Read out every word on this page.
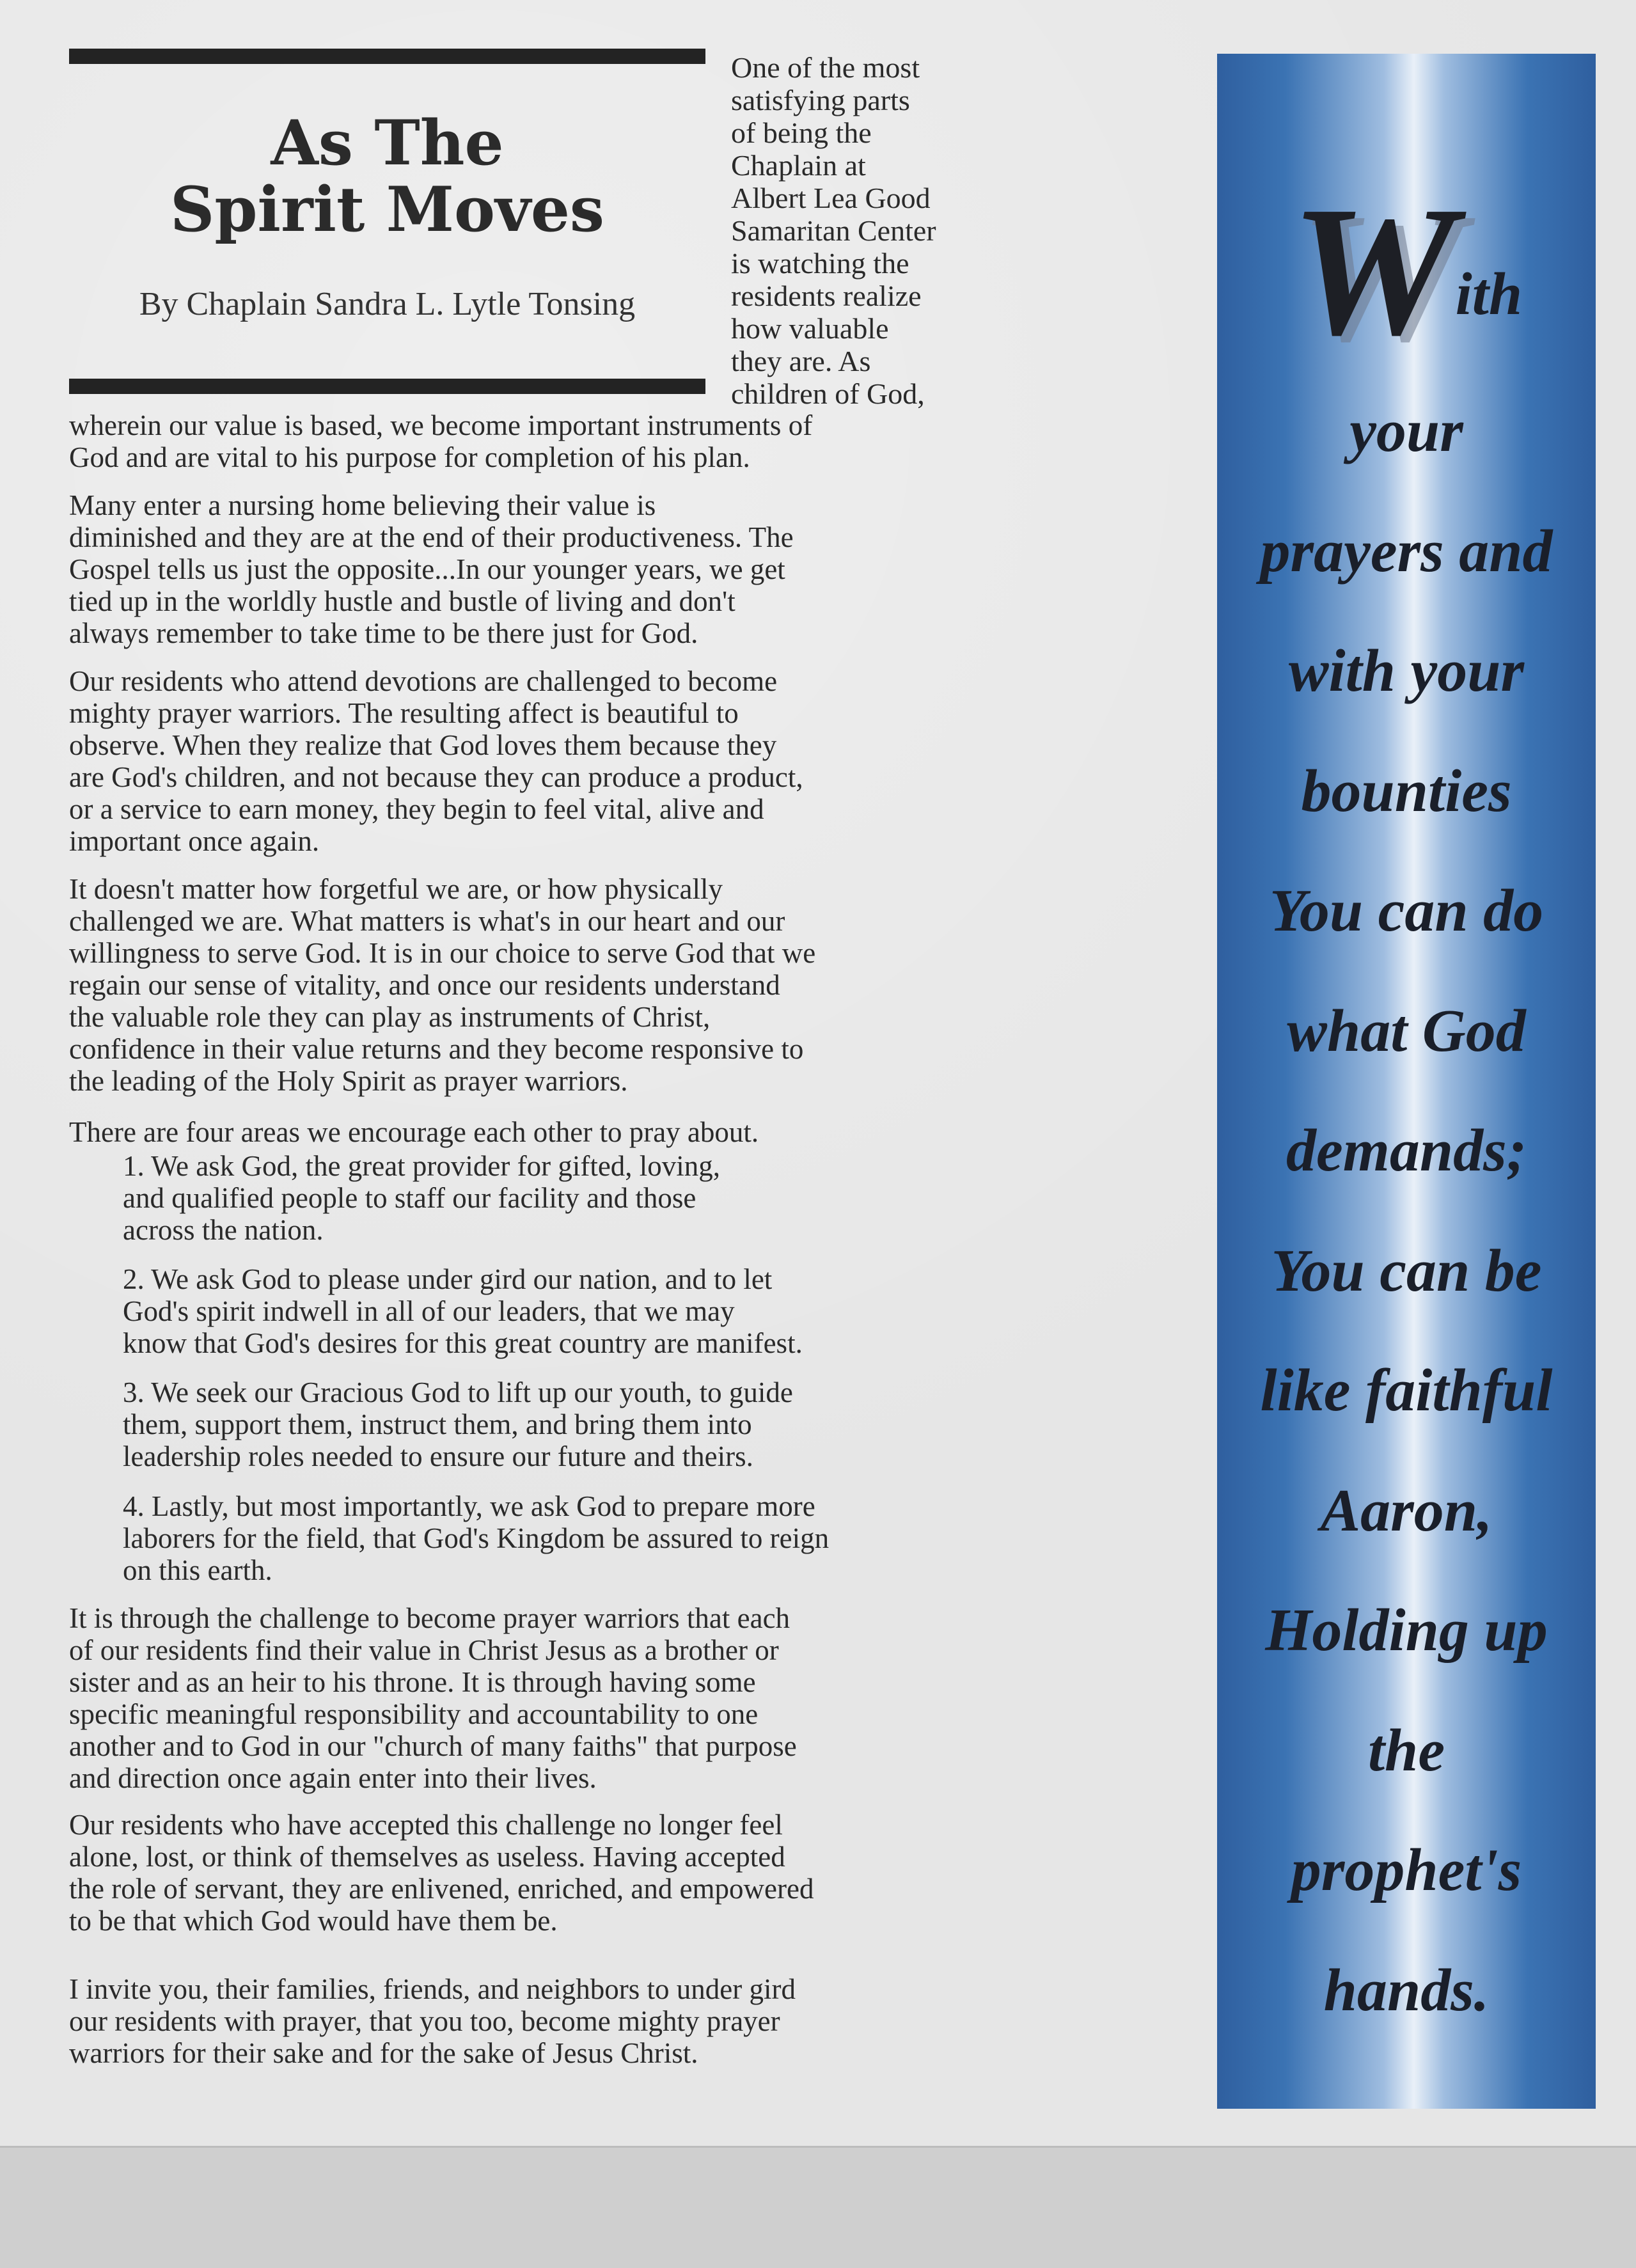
As The
Spirit Moves
By Chaplain Sandra L. Lytle Tonsing

One of the most
satisfying parts
of being the
Chaplain at
Albert Lea Good
Samaritan Center
is watching the
residents realize
how valuable
they are. As
children of God,

wherein our value is based, we become important instruments of
God and are vital to his purpose for completion of his plan.

Many enter a nursing home believing their value is
diminished and they are at the end of their productiveness. The
Gospel tells us just the opposite...In our younger years, we get
tied up in the worldly hustle and bustle of living and don't
always remember to take time to be there just for God.

Our residents who attend devotions are challenged to become
mighty prayer warriors. The resulting affect is beautiful to
observe. When they realize that God loves them because they
are God's children, and not because they can produce a product,
or a service to earn money, they begin to feel vital, alive and
important once again.

It doesn't matter how forgetful we are, or how physically
challenged we are. What matters is what's in our heart and our
willingness to serve God. It is in our choice to serve God that we
regain our sense of vitality, and once our residents understand
the valuable role they can play as instruments of Christ,
confidence in their value returns and they become responsive to
the leading of the Holy Spirit as prayer warriors.

There are four areas we encourage each other to pray about.

1. We ask God, the great provider for gifted, loving,
and qualified people to staff our facility and those
across the nation.

2. We ask God to please under gird our nation, and to let
God's spirit indwell in all of our leaders, that we may
know that God's desires for this great country are manifest.

3. We seek our Gracious God to lift up our youth, to guide
them, support them, instruct them, and bring them into
leadership roles needed to ensure our future and theirs.

4. Lastly, but most importantly, we ask God to prepare more
laborers for the field, that God's Kingdom be assured to reign
on this earth.

It is through the challenge to become prayer warriors that each
of our residents find their value in Christ Jesus as a brother or
sister and as an heir to his throne. It is through having some
specific meaningful responsibility and accountability to one
another and to God in our "church of many faiths" that purpose
and direction once again enter into their lives.

Our residents who have accepted this challenge no longer feel
alone, lost, or think of themselves as useless. Having accepted
the role of servant, they are enlivened, enriched, and empowered
to be that which God would have them be.

I invite you, their families, friends, and neighbors to under gird
our residents with prayer, that you too, become mighty prayer
warriors for their sake and for the sake of Jesus Christ.

With
your
prayers and
with your
bounties
You can do
what God
demands;
You can be
like faithful
Aaron,
Holding up
the
prophet's
hands.
